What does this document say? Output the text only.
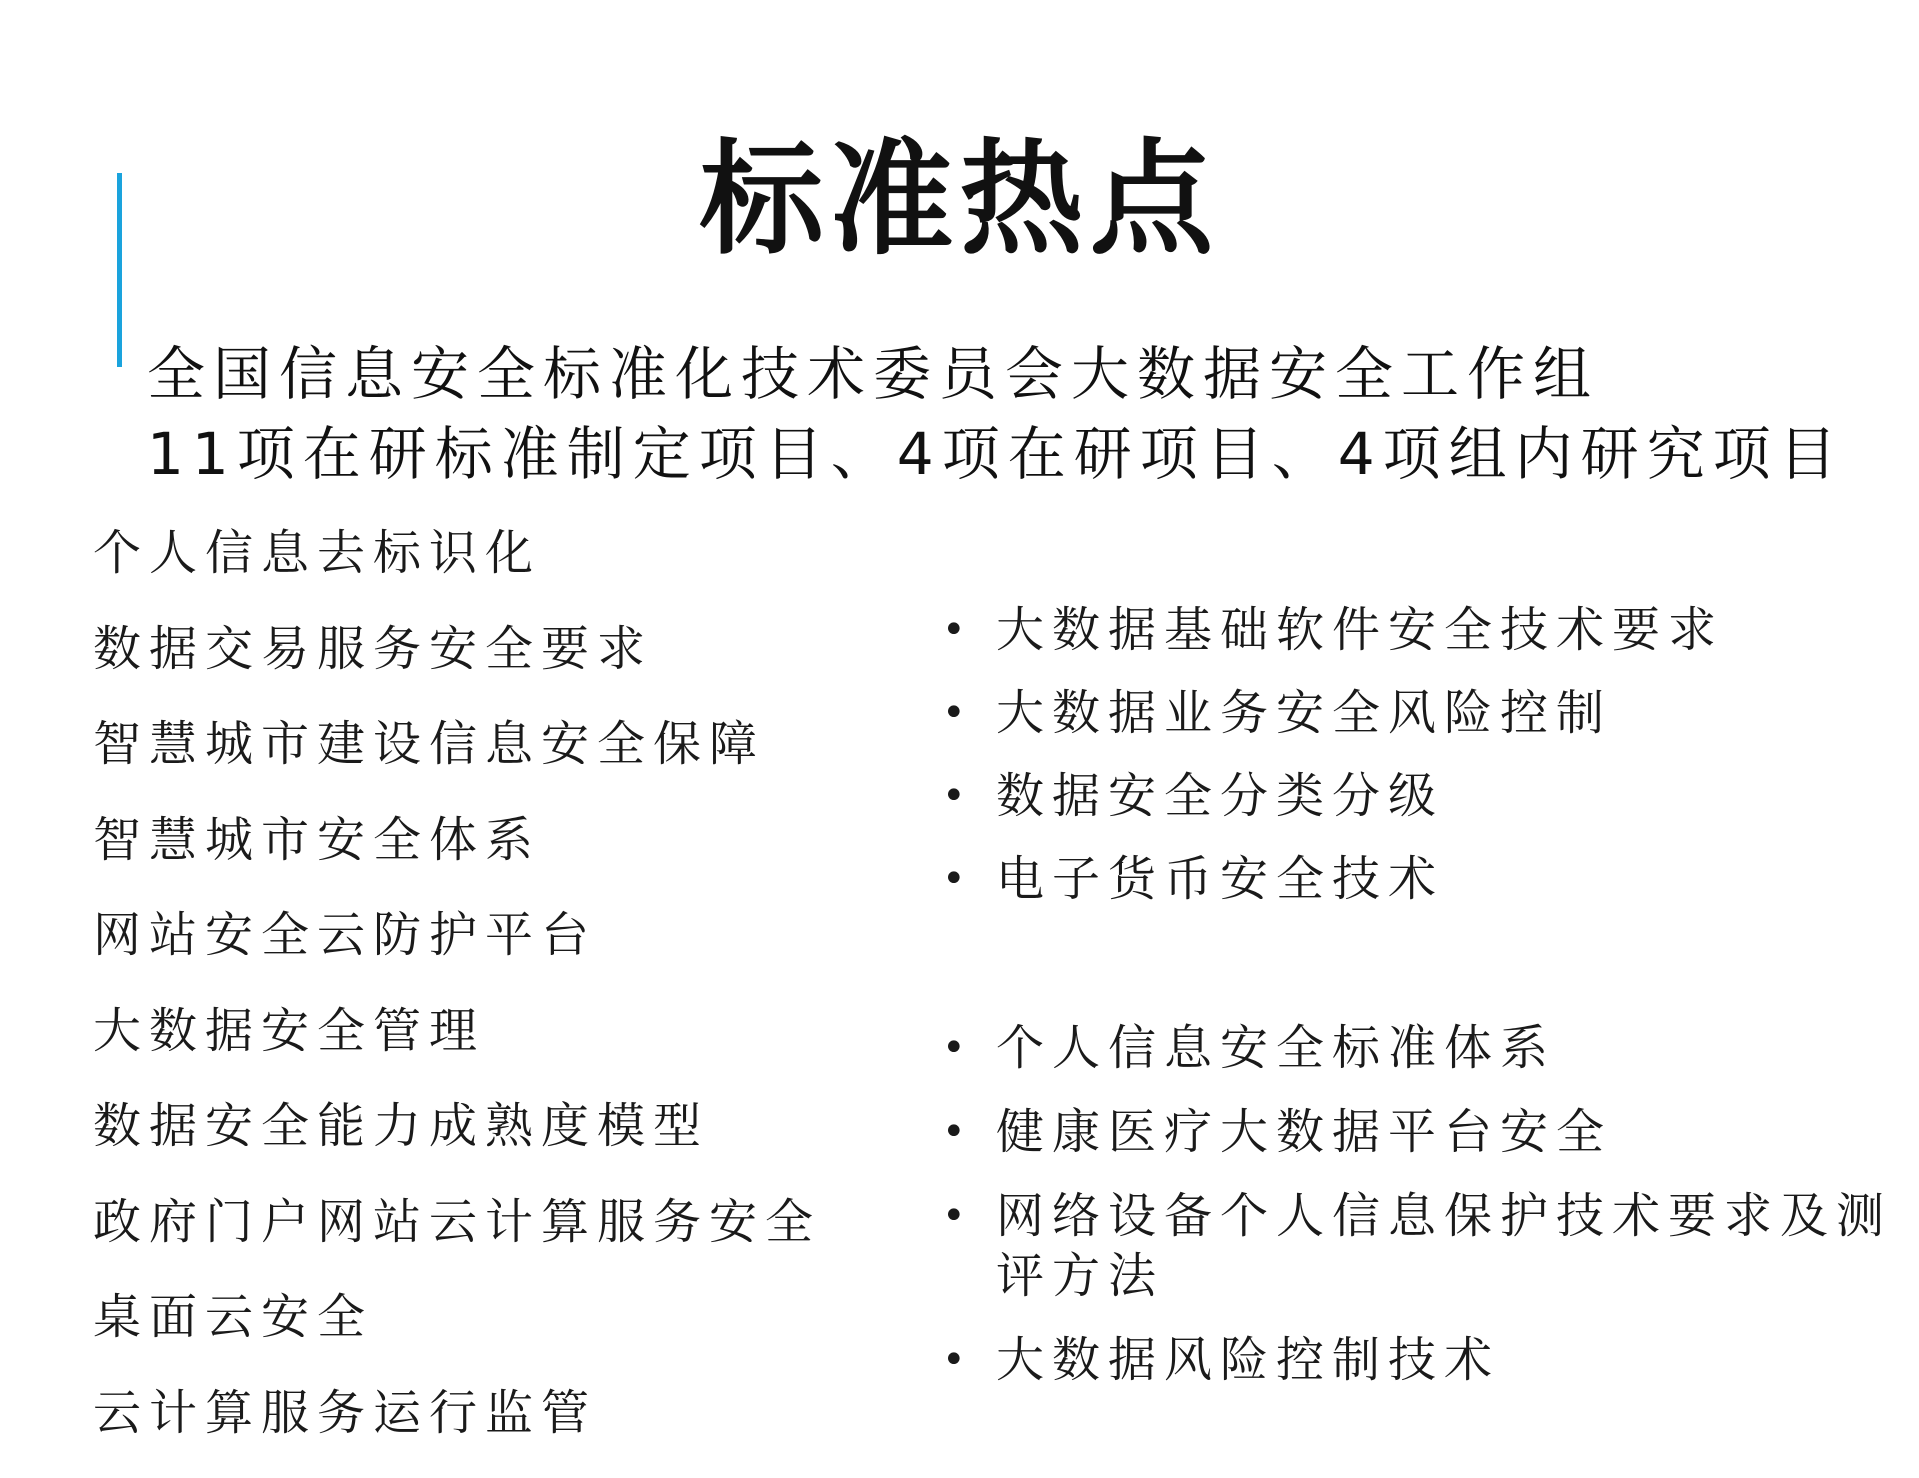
标准热点
全国信息安全标准化技术委员会大数据安全工作组
11项在研标准制定项目、4项在研项目、4项组内研究项目
个人信息去标识化
数据交易服务安全要求
智慧城市建设信息安全保障
智慧城市安全体系
网站安全云防护平台
大数据安全管理
数据安全能力成熟度模型
政府门户网站云计算服务安全
桌面云安全
云计算服务运行监管
• 大数据基础软件安全技术要求
• 大数据业务安全风险控制
• 数据安全分类分级
• 电子货币安全技术
• 个人信息安全标准体系
• 健康医疗大数据平台安全
• 网络设备个人信息保护技术要求及测评方法
• 大数据风险控制技术
